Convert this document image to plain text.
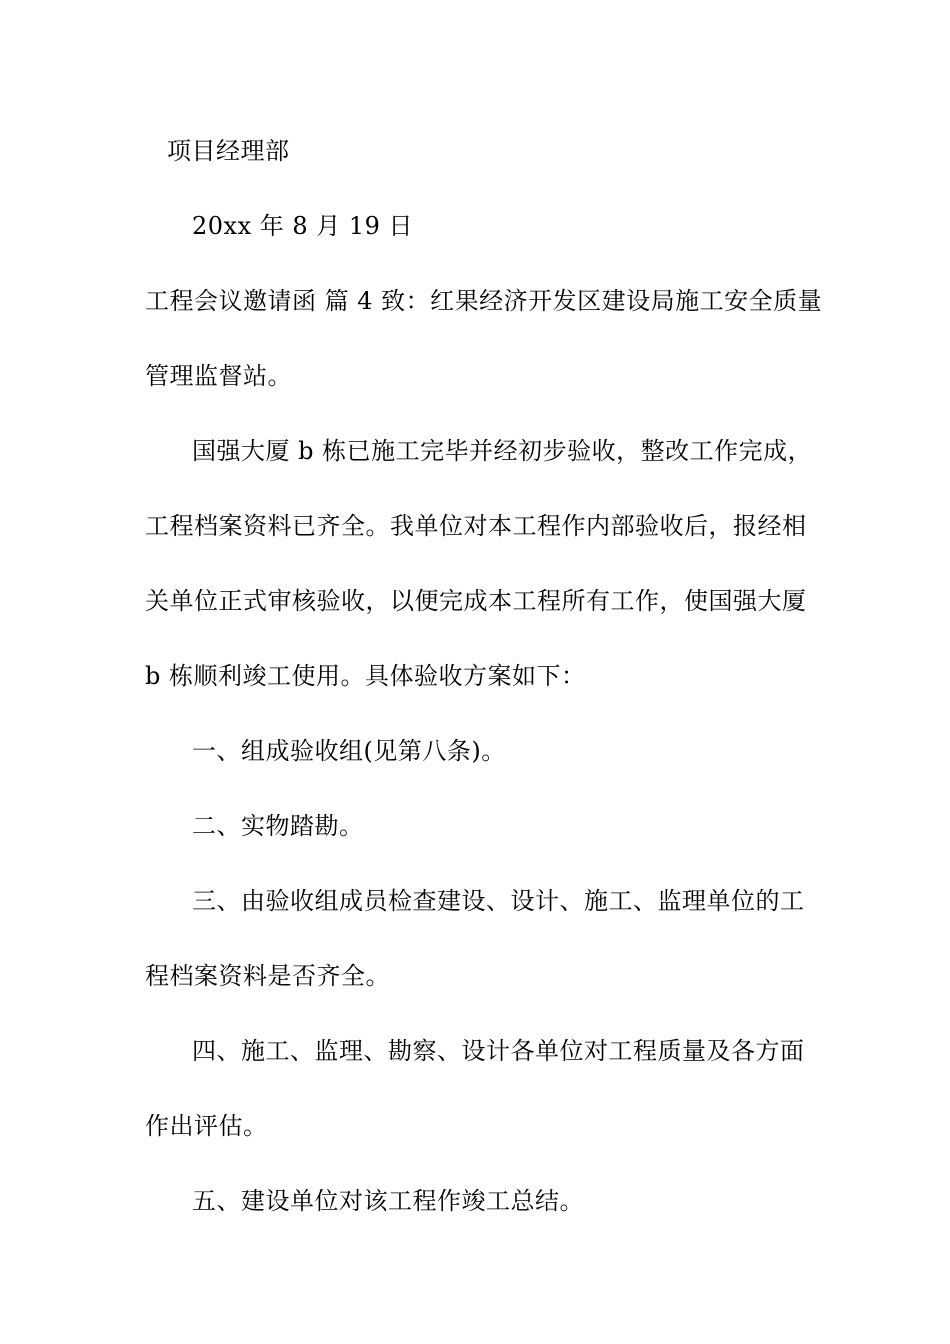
项目经理部
20xx 年 8 月 19 日
工程会议邀请函 篇 4 致：红果经济开发区建设局施工安全质量
管理监督站。
国强大厦 b 栋已施工完毕并经初步验收，整改工作完成，
工程档案资料已齐全。我单位对本工程作内部验收后，报经相
关单位正式审核验收，以便完成本工程所有工作，使国强大厦
b 栋顺利竣工使用。具体验收方案如下：
一、组成验收组(见第八条)。
二、实物踏勘。
三、由验收组成员检查建设、设计、施工、监理单位的工
程档案资料是否齐全。
四、施工、监理、勘察、设计各单位对工程质量及各方面
作出评估。
五、建设单位对该工程作竣工总结。
